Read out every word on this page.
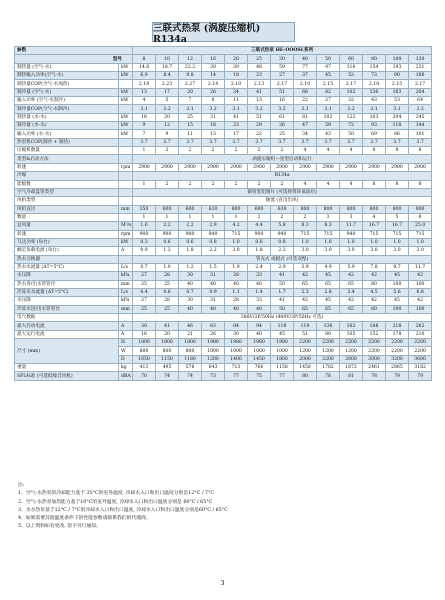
三联式热泵 (涡旋压缩机) R134a
参数		三联式热泵 HE-OOOSL系列												
型号		8	10	12	16	20	25	30	40	50	60	80	100	120
制热量 (空气-水)	kW	14.8	18.7	22.2	30	39	48	59	77	97	116	154	193	231
制热输入功率(空气-水)	kW	6.9	8.4	9.8	14	18	23	27	37	45	53	73	90	106
制热量COP(空气-水加热)		2.18	2.23	2.27	2.14	2.10	2.13	2.17	2.10	2.15	2.17	2.10	2.15	2.17
制冷量 (空气-水)	kW	13	17	20	26	34	41	51	68	82	102	136	163	204
输入功率 (空气-水制冷)	kW	4	5	7	8	11	13	16	22	27	32	43	53	64
制冷量COP(空气-水制冷)		3.1	3.2	3.1	3.2	3.1	3.2	3.2	3.1	3.1	3.2	3.1	3.1	3.2
制热量 (水-水)	kW	16	20	25	31	41	51	61	81	102	122	163	204	245
制冷量 (水-水)	kW	9	12	15	18	23	29	36	47	59	72	93	118	144
输入功率 (水-水)	kW	7	9	11	13	17	22	25	34	43	50	69	86	101
热泵机COP(制冷 + 制热)		3.7	3.7	3.7	3.7	3.7	3.7	3.7	3.7	3.7	3.7	3.7	3.7	3.7
压缩机数量		1	2	2	2	2	2	2	4	4	4	8	8	8
类型&启动方法		涡旋压缩机—星型启动和运行												
转速	rpm	2900	2900	2900	2900	2900	2900	2900	2900	2900	2900	2900	2900	2900
冷媒		R134a												
能级数		1	2	2	2	2	2	2	4	4	4	8	8	8
空气冷却盘管类型		铜管套铝翅片 (可选择带环氧涂层)												
风机类型		轴流 (直出出风)												
风机直径	mm	350	600	600	630	800	600	630	800	800	800	800	800	800
数量		1	1	1	1	1	2	2	2	3	3	4	5	6
总风量	M³/s	1.6	2.2	2.2	2.9	4.2	4.4	5.8	8.3	8.3	11.7	16.7	16.7	25.0
转速	rpm	900	900	900	940	715	900	940	715	715	940	715	715	715
马达功率 (每台)	kW	0.3	0.6	0.6	0.8	1.0	0.6	0.8	1.0	1.0	1.0	1.0	1.0	1.0
额定负载电流 (每台)	A	0.9	1.3	1.8	2.2	3.0	1.8	2.2	3.0	3.0	3.0	3.0	3.0	3.0
热水交换器		管壳式 或板式 (可选双壁)												
热水水流量 (ΔT=5°C)	L/s	0.7	1.0	1.2	1.5	1.9	2.4	2.9	3.9	4.9	5.9	7.8	9.7	11.7
水压降	kPa	27	28	30	31	28	33	41	42	45	42	42	45	42
热水进/出水管管径	mm	25	25	40	40	40	40	50	65	65	65	80	100	100
冷冻水水流量 (ΔT=5°C)	L/s	0.4	0.6	0.7	0.9	1.1	1.4	1.7	2.3	2.8	3.4	4.5	5.6	6.8
水压降	kPa	27	28	30	31	28	33	41	42	45	42	42	45	42
冷冻水进/出水管管径	mm	25	25	40	40	40	40	50	65	65	65	80	100	100
电气数据		380V/3P/50Hz (400V/3P/50Hz 可选)												
最大启动电流	A	30	41	46	63	84	94	118	119	136	162	188	218	262
最大运行电流	A	16	20	21	26	30	40	45	51	80	105	152	178	210
尺寸 (mm)	H	1800	1800	1800	1980	1980	1980	1980	2200	2200	2200	2200	2200	2200
	W	800	800	800	1000	1000	1000	1000	1200	1200	1200	2200	2200	2200
	D	1050	1150	1180	1200	1400	1450	1800	2000	2200	2800	3000	3200	3600
重量	kg	413	495	578	643	713	766	1158	1458	1782	1872	2461	2865	3182
SPL标准 (可选低噪音风机)	dBA	70	74	74	73	77	75	77	80	78	81	78	79	79
注:
1、空气-水热泵的冷却能力基于 35°C的室外温度, 冷却水入口和出口温度分别是12°C / 7°C
2、空气-水热泵加热能力基于10°C的室外温度, 冷却水入口和出口温度分别是 60°C / 65°C
3、水水热泵基于12°C / 7°C的冷却水入口和出口温度, 冷却水入口和出口温度分别是60°C / 65°C
4、如果需要其他温度条件下的性能参数请联系我们的代理商。
5、以上资料如有更改, 恕不另行通知。
3
